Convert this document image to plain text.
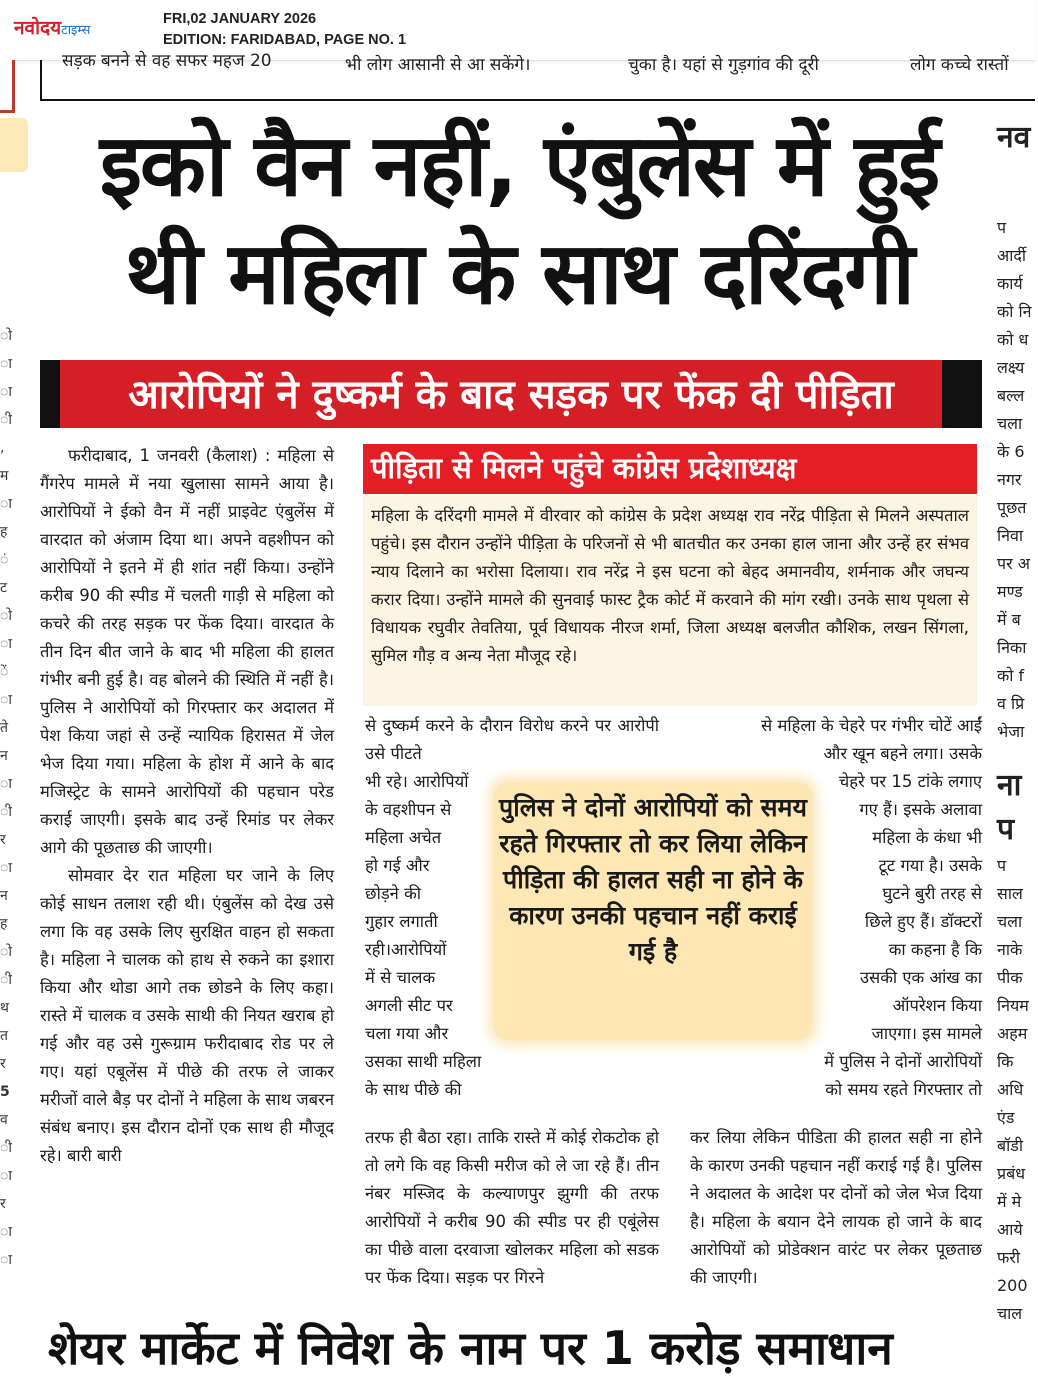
नवोदयटाइम्स
FRI,02 JANUARY 2026
EDITION: FARIDABAD, PAGE NO. 1
सड़क बनने से वह सफर महज 20	भी लोग आसानी से आ सकेंगे।	चुका है। यहां से गुड़गांव की दूरी	लोग कच्चे रास्तों
इको वैन नहीं, एंबुलेंस में हुई
थी महिला के साथ दरिंदगी
आरोपियों ने दुष्कर्म के बाद सड़क पर फेंक दी पीड़िता

फरीदाबाद, 1 जनवरी (कैलाश) : महिला से गैंगरेप मामले में नया खुलासा सामने आया है। आरोपियों ने ईको वैन में नहीं प्राइवेट एंबुलेंस में वारदात को अंजाम दिया था। अपने वहशीपन को आरोपियों ने इतने में ही शांत नहीं किया। उन्होंने करीब 90 की स्पीड में चलती गाड़ी से महिला को कचरे की तरह सड़क पर फेंक दिया। वारदात के तीन दिन बीत जाने के बाद भी महिला की हालत गंभीर बनी हुई है। वह बोलने की स्थिति में नहीं है। पुलिस ने आरोपियों को गिरफ्तार कर अदालत में पेश किया जहां से उन्हें न्यायिक हिरासत में जेल भेज दिया गया। महिला के होश में आने के बाद मजिस्ट्रेट के सामने आरोपियों की पहचान परेड कराई जाएगी। इसके बाद उन्हें रिमांड पर लेकर आगे की पूछताछ की जाएगी।

सोमवार देर रात महिला घर जाने के लिए कोई साधन तलाश रही थी। एंबुलेंस को देख उसे लगा कि वह उसके लिए सुरक्षित वाहन हो सकता है। महिला ने चालक को हाथ से रुकने का इशारा किया और थोडा आगे तक छोडने के लिए कहा। रास्ते में चालक व उसके साथी की नियत खराब हो गई और वह उसे गुरूग्राम फरीदाबाद रोड पर ले गए। यहां एबूलेंस में पीछे की तरफ ले जाकर मरीजों वाले बैड़ पर दोनों ने महिला के साथ जबरन संबंध बनाए। इस दौरान दोनों एक साथ ही मौजूद रहे। बारी बारी

पीड़िता से मिलने पहुंचे कांग्रेस प्रदेशाध्यक्ष
महिला के दरिंदगी मामले में वीरवार को कांग्रेस के प्रदेश अध्यक्ष राव नरेंद्र पीड़िता से मिलने अस्पताल पहुंचे। इस दौरान उन्होंने पीड़िता के परिजनों से भी बातचीत कर उनका हाल जाना और उन्हें हर संभव न्याय दिलाने का भरोसा दिलाया। राव नरेंद्र ने इस घटना को बेहद अमानवीय, शर्मनाक और जघन्य करार दिया। उन्होंने मामले की सुनवाई फास्ट ट्रैक कोर्ट में करवाने की मांग रखी। उनके साथ पृथला से विधायक रघुवीर तेवतिया, पूर्व विधायक नीरज शर्मा, जिला अध्यक्ष बलजीत कौशिक, लखन सिंगला, सुमिल गौड़ व अन्य नेता मौजूद रहे।
से दुष्कर्म करने के दौरान विरोध करने पर आरोपी उसे पीटते
भी रहे। आरोपियों
के वहशीपन से
महिला अचेत
हो गई और
छोड़ने की
गुहार लगाती
रही।आरोपियों
में से चालक
अगली सीट पर
चला गया और
उसका साथी महिला
के साथ पीछे की
तरफ ही बैठा रहा। ताकि रास्ते में कोई रोकटोक हो तो लगे कि वह किसी मरीज को ले जा रहे हैं। तीन नंबर मस्जिद के कल्याणपुर झुग्गी की तरफ आरोपियों ने करीब 90 की स्पीड पर ही एबूंलेस का पीछे वाला दरवाजा खोलकर महिला को सडक पर फेंक दिया। सड़क पर गिरने
से महिला के चेहरे पर गंभीर चोटें आईं
और खून बहने लगा। उसके
चेहरे पर 15 टांके लगाए
गए हैं। इसके अलावा
महिला के कंधा भी
टूट गया है। उसके
घुटने बुरी तरह से
छिले हुए हैं। डॉक्टरों
का कहना है कि
उसकी एक आंख का
ऑपरेशन किया
जाएगा। इस मामले
में पुलिस ने दोनों आरोपियों
को समय रहते गिरफ्तार तो
कर लिया लेकिन पीडिता की हालत सही ना होने के कारण उनकी पहचान नहीं कराई गई है। पुलिस ने अदालत के आदेश पर दोनों को जेल भेज दिया है। महिला के बयान देने लायक हो जाने के बाद आरोपियों को प्रोडेक्शन वारंट पर लेकर पूछताछ की जाएगी।
पुलिस ने दोनों आरोपियों को समय रहते गिरफ्तार तो कर लिया लेकिन पीड़िता की हालत सही ना होने के कारण उनकी पहचान नहीं कराई गई है
नव
प
आर्दी
कार्य
को नि
को ध
लक्ष्य
बल्ल
चला
के 6
नगर
पूछत
निवा
पर अ
मण्ड
में ब
निका
को f
व प्रि
भेजा
ना
प
प
साल
चला
नाके
पीक
नियम
अहम
कि
अधि
एंड
बॉडी
प्रबंध
में मे
आये
फरी
200
चाल
ो
ा
ा
ी
,
म
ा
ह
ं
ट
ो
ा
ें
ा
ते
न
ा
ी
र
ा
न
ह
ो
ी
थ
त
र
5
व
ी
ा
र
ा
ा
शेयर मार्केट में निवेश के नाम पर 1 करोड़ समाधान
